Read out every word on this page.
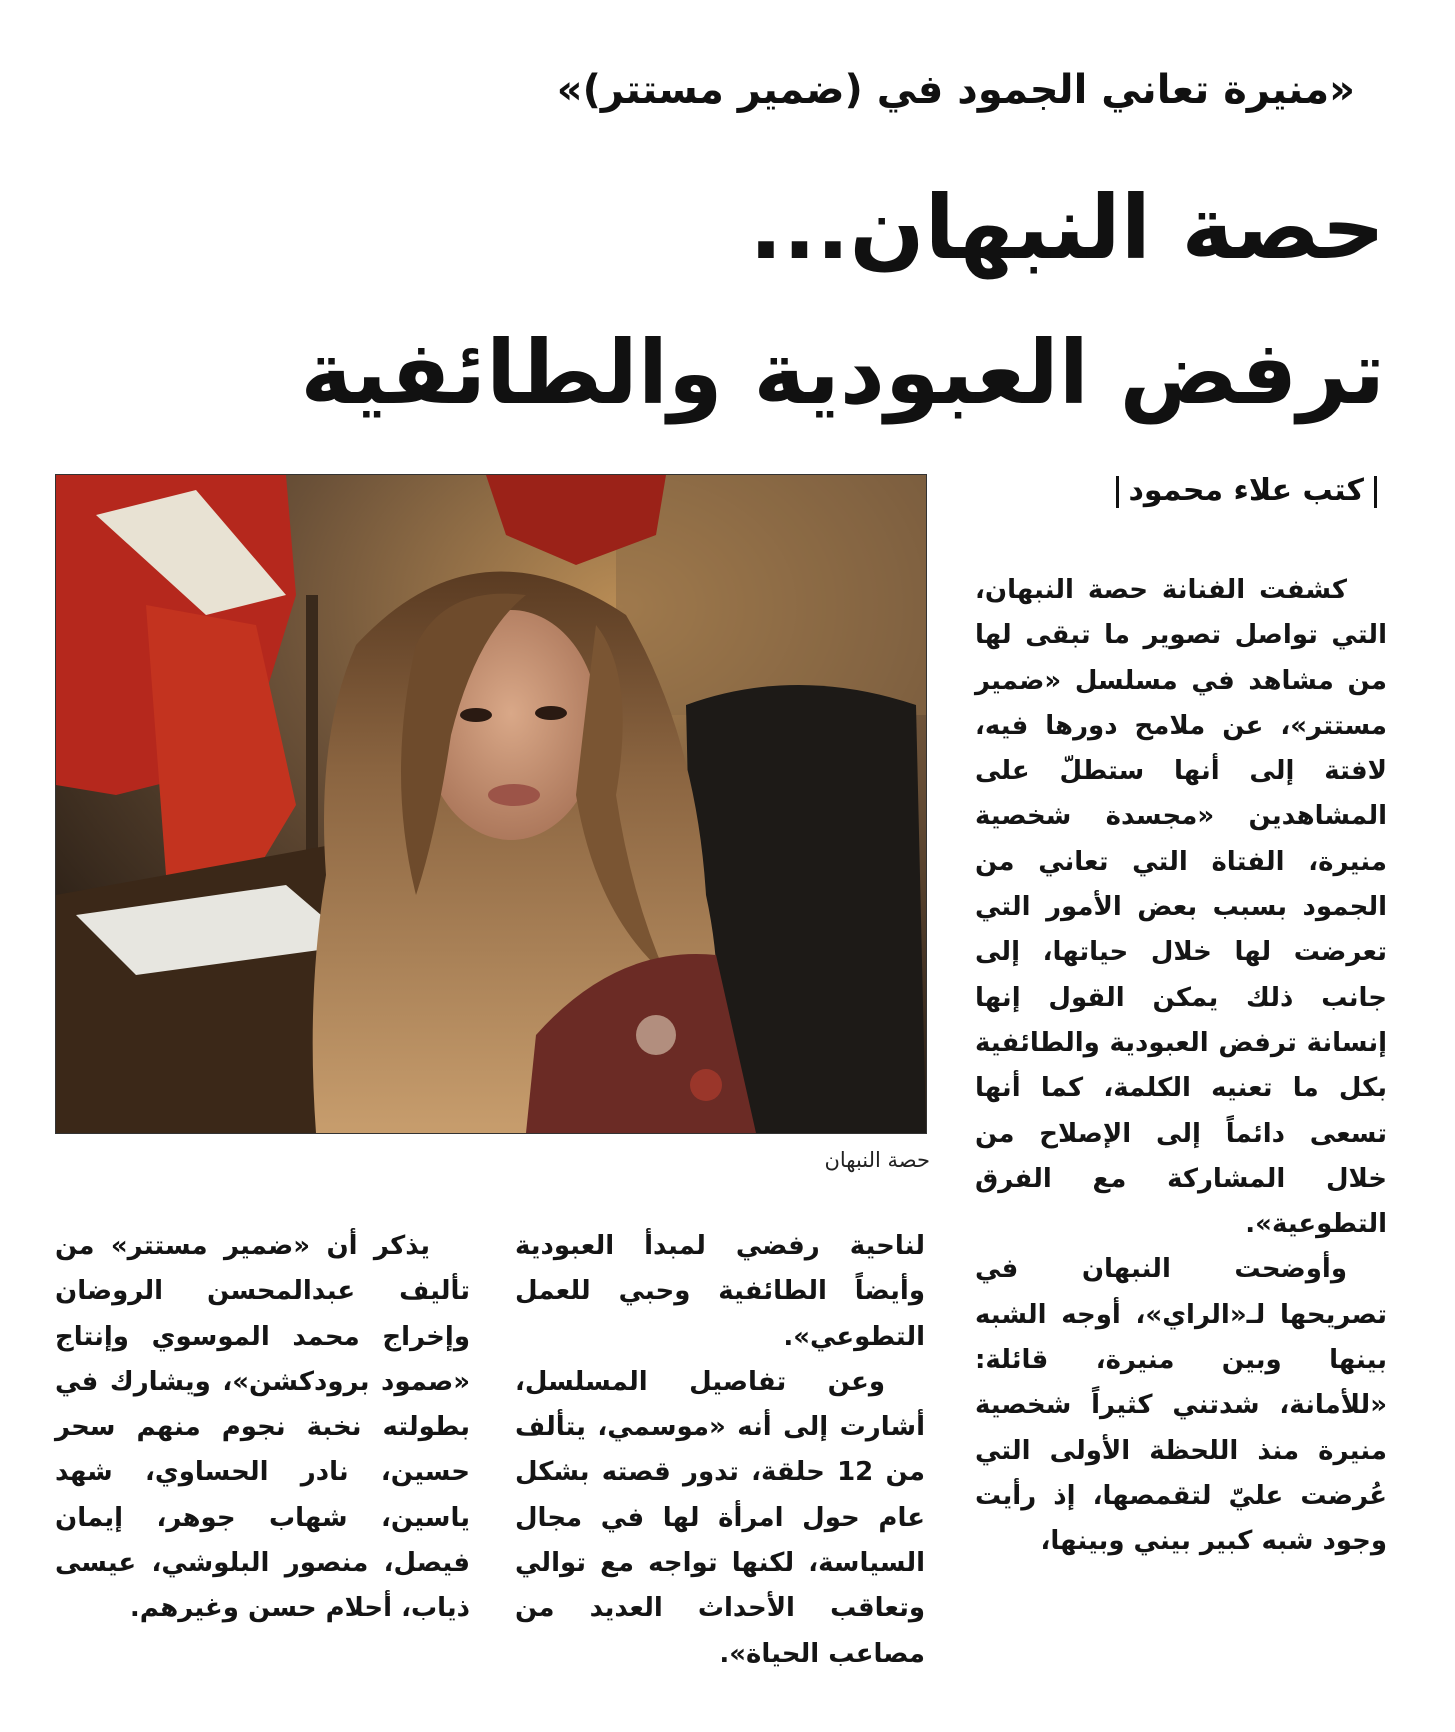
«منيرة تعاني الجمود في (ضمير مستتر)»
حصة النبهان...
ترفض العبودية والطائفية
كتب علاء محمود
حصة النبهان

كشفت الفنانة حصة النبهان، التي تواصل تصوير ما تبقى لها من مشاهد في مسلسل «ضمير مستتر»، عن ملامح دورها فيه، لافتة إلى أنها ستطلّ على المشاهدين «مجسدة شخصية منيرة، الفتاة التي تعاني من الجمود بسبب بعض الأمور التي تعرضت لها خلال حياتها، إلى جانب ذلك يمكن القول إنها إنسانة ترفض العبودية والطائفية بكل ما تعنيه الكلمة، كما أنها تسعى دائماً إلى الإصلاح من خلال المشاركة مع الفرق التطوعية».

وأوضحت النبهان في تصريحها لـ«الراي»، أوجه الشبه بينها وبين منيرة، قائلة: «للأمانة، شدتني كثيراً شخصية منيرة منذ اللحظة الأولى التي عُرضت عليّ لتقمصها، إذ رأيت وجود شبه كبير بيني وبينها،

لناحية رفضي لمبدأ العبودية وأيضاً الطائفية وحبي للعمل التطوعي».

وعن تفاصيل المسلسل، أشارت إلى أنه «موسمي، يتألف من 12 حلقة، تدور قصته بشكل عام حول امرأة لها في مجال السياسة، لكنها تواجه مع توالي وتعاقب الأحداث العديد من مصاعب الحياة».

يذكر أن «ضمير مستتر» من تأليف عبدالمحسن الروضان وإخراج محمد الموسوي وإنتاج «صمود برودكشن»، ويشارك في بطولته نخبة نجوم منهم سحر حسين، نادر الحساوي، شهد ياسين، شهاب جوهر، إيمان فيصل، منصور البلوشي، عيسى ذياب، أحلام حسن وغيرهم.
